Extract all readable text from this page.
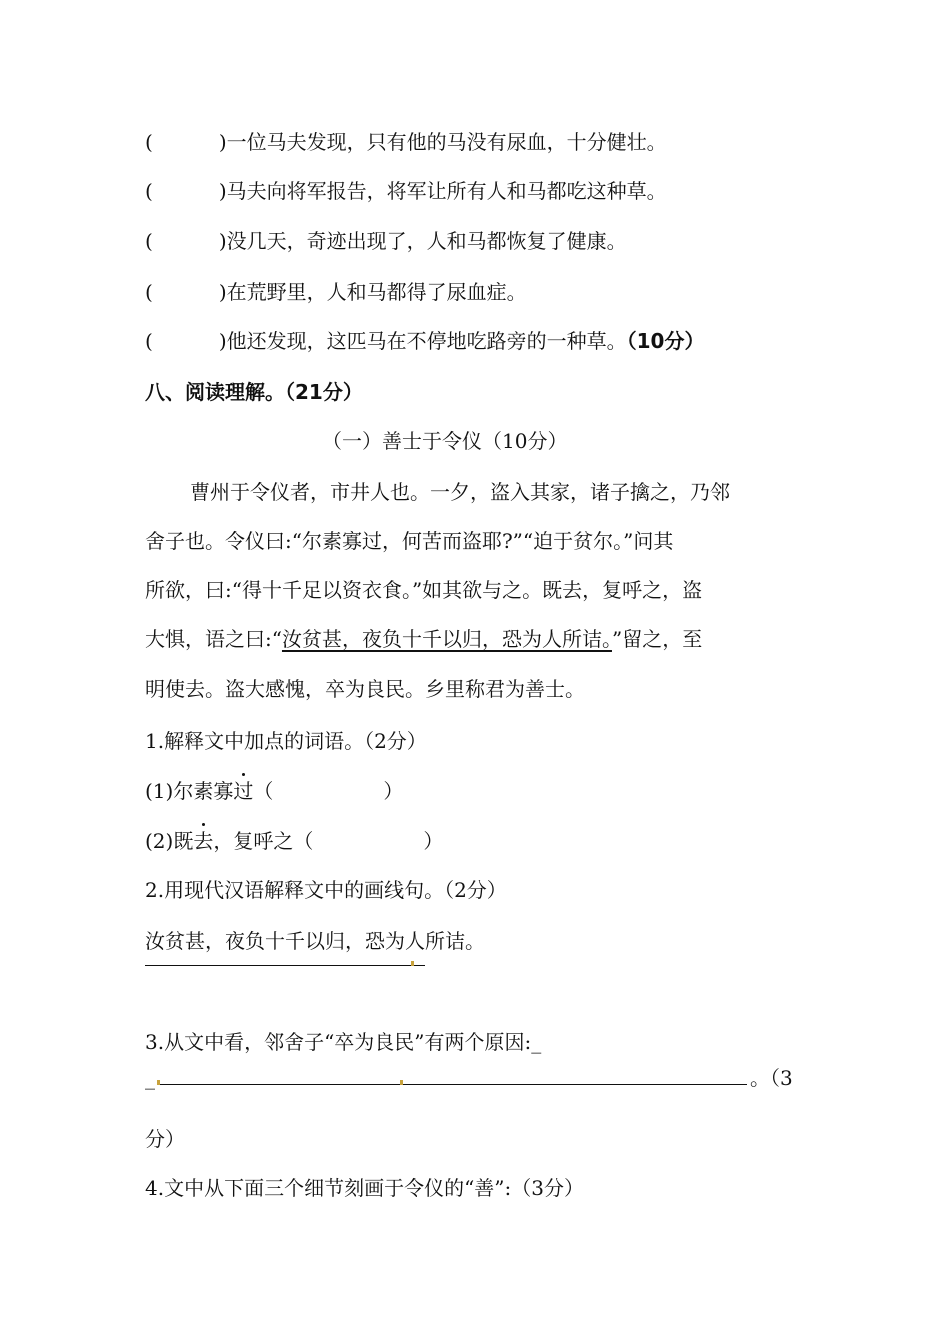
(	)一位马夫发现，只有他的马没有尿血，十分健壮。
(	)马夫向将军报告，将军让所有人和马都吃这种草。
(	)没几天，奇迹出现了，人和马都恢复了健康。
(	)在荒野里，人和马都得了尿血症。
(	)他还发现，这匹马在不停地吃路旁的一种草。（10分）
八、阅读理解。（21分）
（一）善士于令仪（10分）
曹州于令仪者，市井人也。一夕，盗入其家，诸子擒之，乃邻
舍子也。令仪曰:“尔素寡过，何苦而盗耶?”“迫于贫尔。”问其
所欲，曰:“得十千足以资衣食。”如其欲与之。既去，复呼之，盗
大惧，语之曰:“汝贫甚，夜负十千以归，恐为人所诘。”留之，至
明使去。盗大感愧，卒为良民。乡里称君为善士。
1.解释文中加点的词语。（2分）
(1)尔素寡过（	）
(2)既去，复呼之（	）
2.用现代汉语解释文中的画线句。（2分）
汝贫甚，夜负十千以归，恐为人所诘。
3.从文中看，邻舍子“卒为良民”有两个原因:_
_	。（3
分）
4.文中从下面三个细节刻画于令仪的“善”:（3分）
